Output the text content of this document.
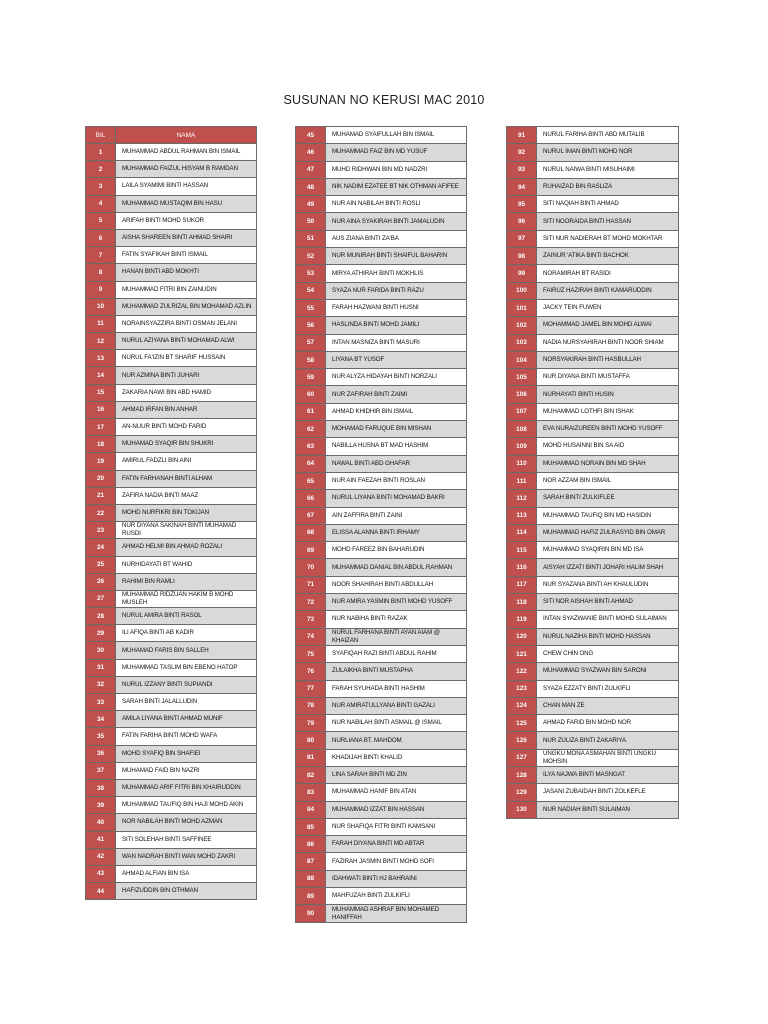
SUSUNAN NO KERUSI MAC 2010
BIL	NAMA
1	MUHAMMAD ABDUL RAHMAN BIN ISMAIL
2	MUHAMMAD FAIZUL HISYAM B RAMDAN
3	LAILA SYAMIMI BINTI HASSAN
4	MUHAMMAD MUSTAQIM BIN HASU
5	ARIFAH BINTI MOHD SUKOR
6	AISHA SHAREEN BINTI AHMAD SHAIRI
7	FATIN SYAFIKAH BINTI ISMAIL
8	HANAN BINTI ABD MOKHTI
9	MUHAMMAD FITRI BIN ZAINUDIN
10	MUHAMMAD ZULRIZAL BIN MOHAMAD AZLIN
11	NORAINSYAZZIRA BINTI OSMAN JELANI
12	NURUL AZIYANA BINTI MOHAMAD ALWI
13	NURUL FA'IZIN BT SHARIF HUSSAIN
14	NUR AZMINA BINTI JUHARI
15	ZAKARIA NAWI BIN ABD HAMID
16	AHMAD IRFAN BIN ANHAR
17	AN-NUUR BINTI MOHD FARID
18	MUHAMAD SYAQIR BIN SHUKRI
19	AMIRUL FADZLI BIN AINI
20	FATIN FARHANAH BINTI ALHAM
21	ZAFIRA NADIA BINTI MAAZ
22	MOHD NURFIKRI BIN TOKIJAN
23	NUR DIYANA SAKINAH BINTI MUHAMAD RUSDI
24	AHMAD HELMI BIN AHMAD ROZALI
25	NURHIDAYATI BT WAHID
26	RAHIMI BIN RAMLI
27	MUHAMMAD RIDZUAN HAKIM B MOHD MUSLEH
28	NURUL AMIRA BINTI RASOL
29	ILI AFIQA BINTI AB KADIR
30	MUHAMAD FARIS BIN SALLEH
31	MUHAMMAD TASLIM BIN EBENO HATOP
32	NURUL IZZANY BINTI SUPIANDI
33	SARAH BINTI JALALLUDIN
34	AMILA LIYANA BINTI AHMAD MUNIF
35	FATIN FARIHA BINTI MOHD WAFA
36	MOHD SYAFIQ BIN SHAFIEI
37	MUHAMAD FAID BIN NAZRI
38	MUHAMMAD ARIF FITRI BIN KHAIRUDDIN
39	MUHAMMAD TAUFIQ BIN HAJI MOHD AKIN
40	NOR NABILAH BINTI MOHD AZMAN
41	SITI SOLEHAH BINTI SAFFINEE
42	WAN NADRAH BINTI WAN MOHD ZAKRI
43	AHMAD ALFIAN BIN ISA
44	HAFIZUDDIN BIN OTHMAN
45	MUHAMAD SYAIFULLAH BIN ISMAIL
46	MUHAMMAD FAIZ BIN MD YUSUF
47	MUHD RIDHWAN BIN MD NADZRI
48	NIK NADIM EZATEE BT NIK OTHMAN AFIFEE
49	NUR AIN NABILAH BINTI ROSLI
50	NUR AINA SYAKIRAH BINTI JAMALUDIN
51	AUS ZIANA BINTI ZA'BA
52	NUR MUNIRAH BINTI SHAIFUL BAHARIN
53	MIRYA ATHIRAH BINTI MOKHLIS
54	SYAZA NUR FARIDA BINTI RAZU
55	FARAH HAZWANI BINTI HUSNI
56	HASLINDA BINTI MOHD JAMILI
57	INTAN MASNIZA BINTI MASURI
58	LIYANA BT YUSOF
59	NUR ALYZA HIDAYAH BINTI NORZALI
60	NUR ZAFIRAH BINTI ZAIMI
61	AHMAD KHIDHIR BIN ISMAIL
62	MOHAMAD FARUQUE BIN MISHAN
63	NABILLA HUSNA BT MAD HASHIM
64	NAWAL BINTI ABD GHAFAR
65	NUR AIN FAEZAH BINTI ROSLAN
66	NURUL LIYANA BINTI MOHAMAD BAKRI
67	AIN ZAFFIRA BINTI ZAINI
68	ELISSA ALANNA BINTI IRHAMY
69	MOHD FAREEZ BIN BAHARUDIN
70	MUHAMMAD DANIAL BIN ABDUL RAHMAN
71	NOOR SHAHIRAH BINTI ABDULLAH
72	NUR AMIRA YASMIN BINTI MOHD YUSOFF
73	NUR NABIHA BINTI RAZAK
74	NURUL FARHANA BINTI AYAN AIAM @ KHAIZAN
75	SYAFIQAH RAZI BINTI ABDUL RAHIM
76	ZULAIKHA BINTI MUSTAPHA
77	FARAH SYUHADA BINTI HASHIM
78	NUR AMIRATULLYANA BINTI GAZALI
79	NUR NABILAH BINTI ASMAIL @ ISMAIL
80	NURLIANA BT. MAHDOM
81	KHADIJAH BINTI KHALID
82	LINA SARAH BINTI MD ZIN
83	MUHAMMAD HANIF BIN ATAN
84	MUHAMMAD IZZAT BIN HASSAN
85	NUR SHAFIQA FITRI BINTI KAMSANI
86	FARAH DIYANA BINTI MD ABTAR
87	FAZIRAH JASMIN BINTI MOHD SOFI
88	IDAHWATI BINTI HJ BAHRAINI
89	MAHFUZAH BINTI ZULKIFLI
90	MUHAMMAD ASHRAF BIN MOHAMED HANIFFAH
91	NURUL FARIHA BINTI ABD MUTALIB
92	NURUL IMAN BINTI MOHD NOR
93	NURUL NAIWA BINTI MISUHAIMI
94	RUHAIZAD BIN RASLIZA
95	SITI NAQIAH BINTI AHMAD
96	SITI NOORAIDA BINTI HASSAN
97	SITI NUR NADIERAH BT MOHD MOKHTAR
98	ZAINUR 'ATIKA BINTI BACHOK
99	NORAMIRAH BT RASIDI
100	FAIRUZ HAZIRAH BINTI KAMARUDDIN
101	JACKY TEIN FUWEN
102	MOHAMMAD JAMEL BIN MOHD ALWAI
103	NADIA NURSYAHIRAH BINTI NOOR SHIAM
104	NORSYAKIRAH BINTI HASBULLAH
105	NUR DIYANA BINTI MUSTAFFA
106	NURHAYATI BINTI HUSIN
107	MUHAMMAD LOTHFI BIN ISHAK
108	EVA NURAIZUREEN BINTI MOHD YUSOFF
109	MOHD HUSAINNI BIN SA AID
110	MUHAMMAD NORAIN BIN MD SHAH
111	NOR AZZAM BIN ISMAIL
112	SARAH BINTI ZULKIFLEE
113	MUHAMMAD TAUFIQ BIN MD HASIDIN
114	MUHAMMAD HAFIZ ZULRASYID BIN OMAR
115	MUHAMMAD SYAQIRIN BIN MD ISA
116	AISYAH IZZATI BINTI JOHARI HALIM SHAH
117	NUR SYAZANA BINTI AH KHAULUDIN
118	SITI NOR AISHAH BINTI AHMAD
119	INTAN SYAZWANIE BINTI MOHD SULAIMAN
120	NURUL NAZIHA BINTI MOHD HASSAN
121	CHEW CHIN ONG
122	MUHAMMAD SYAZWAN BIN SARONI
123	SYAZA EZZATY BINTI ZULKIFLI
124	CHAN MAN ZE
125	AHMAD FARID BIN MOHD NOR
126	NUR ZULIZA BINTI ZAKARIYA
127	UNGKU MONA ASMAHAN BINTI UNGKU MOHSIN
128	ILYA NAJWA BINTI MASNGAT
129	JASANI ZUBAIDAH BINTI ZOLKEFLE
130	NUR NADIAH BINTI SULAIMAN
